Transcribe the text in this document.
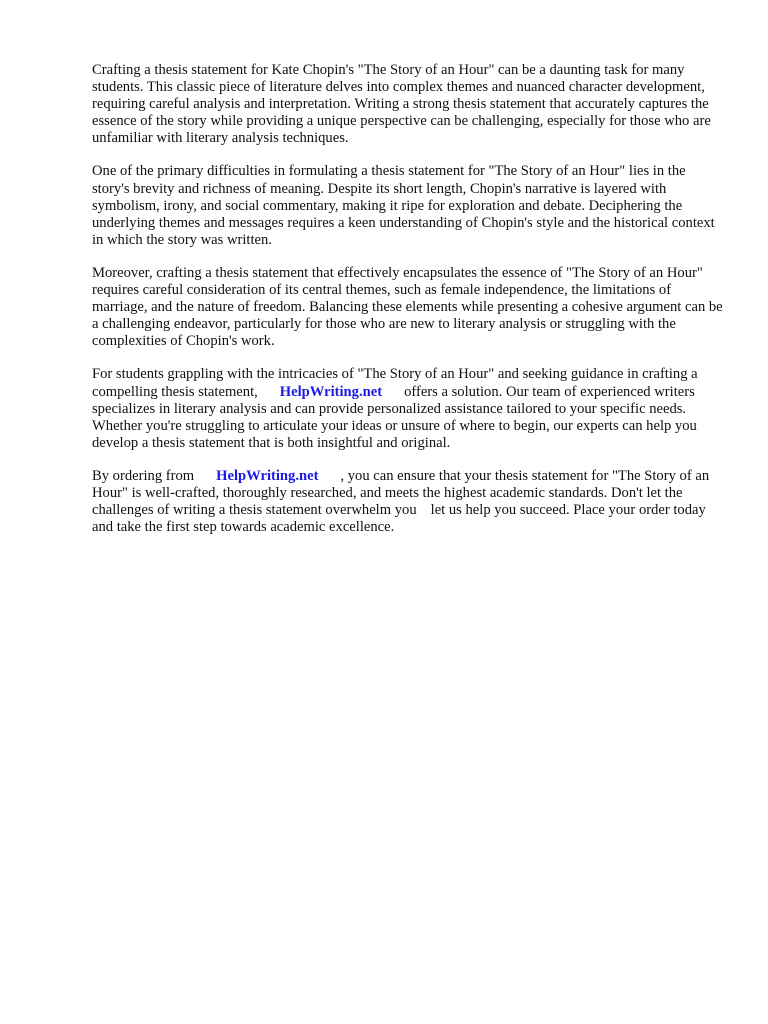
Crafting a thesis statement for Kate Chopin's "The Story of an Hour" can be a daunting task for many students. This classic piece of literature delves into complex themes and nuanced character development, requiring careful analysis and interpretation. Writing a strong thesis statement that accurately captures the essence of the story while providing a unique perspective can be challenging, especially for those who are unfamiliar with literary analysis techniques.

One of the primary difficulties in formulating a thesis statement for "The Story of an Hour" lies in the story's brevity and richness of meaning. Despite its short length, Chopin's narrative is layered with symbolism, irony, and social commentary, making it ripe for exploration and debate. Deciphering the underlying themes and messages requires a keen understanding of Chopin's style and the historical context in which the story was written.

Moreover, crafting a thesis statement that effectively encapsulates the essence of "The Story of an Hour" requires careful consideration of its central themes, such as female independence, the limitations of marriage, and the nature of freedom. Balancing these elements while presenting a cohesive argument can be a challenging endeavor, particularly for those who are new to literary analysis or struggling with the complexities of Chopin's work.

For students grappling with the intricacies of "The Story of an Hour" and seeking guidance in crafting a compelling thesis statement, HelpWriting.net offers a solution. Our team of experienced writers specializes in literary analysis and can provide personalized assistance tailored to your specific needs. Whether you're struggling to articulate your ideas or unsure of where to begin, our experts can help you develop a thesis statement that is both insightful and original.

By ordering from HelpWriting.net , you can ensure that your thesis statement for "The Story of an Hour" is well-crafted, thoroughly researched, and meets the highest academic standards. Don't let the challenges of writing a thesis statement overwhelm you let us help you succeed. Place your order today and take the first step towards academic excellence.
